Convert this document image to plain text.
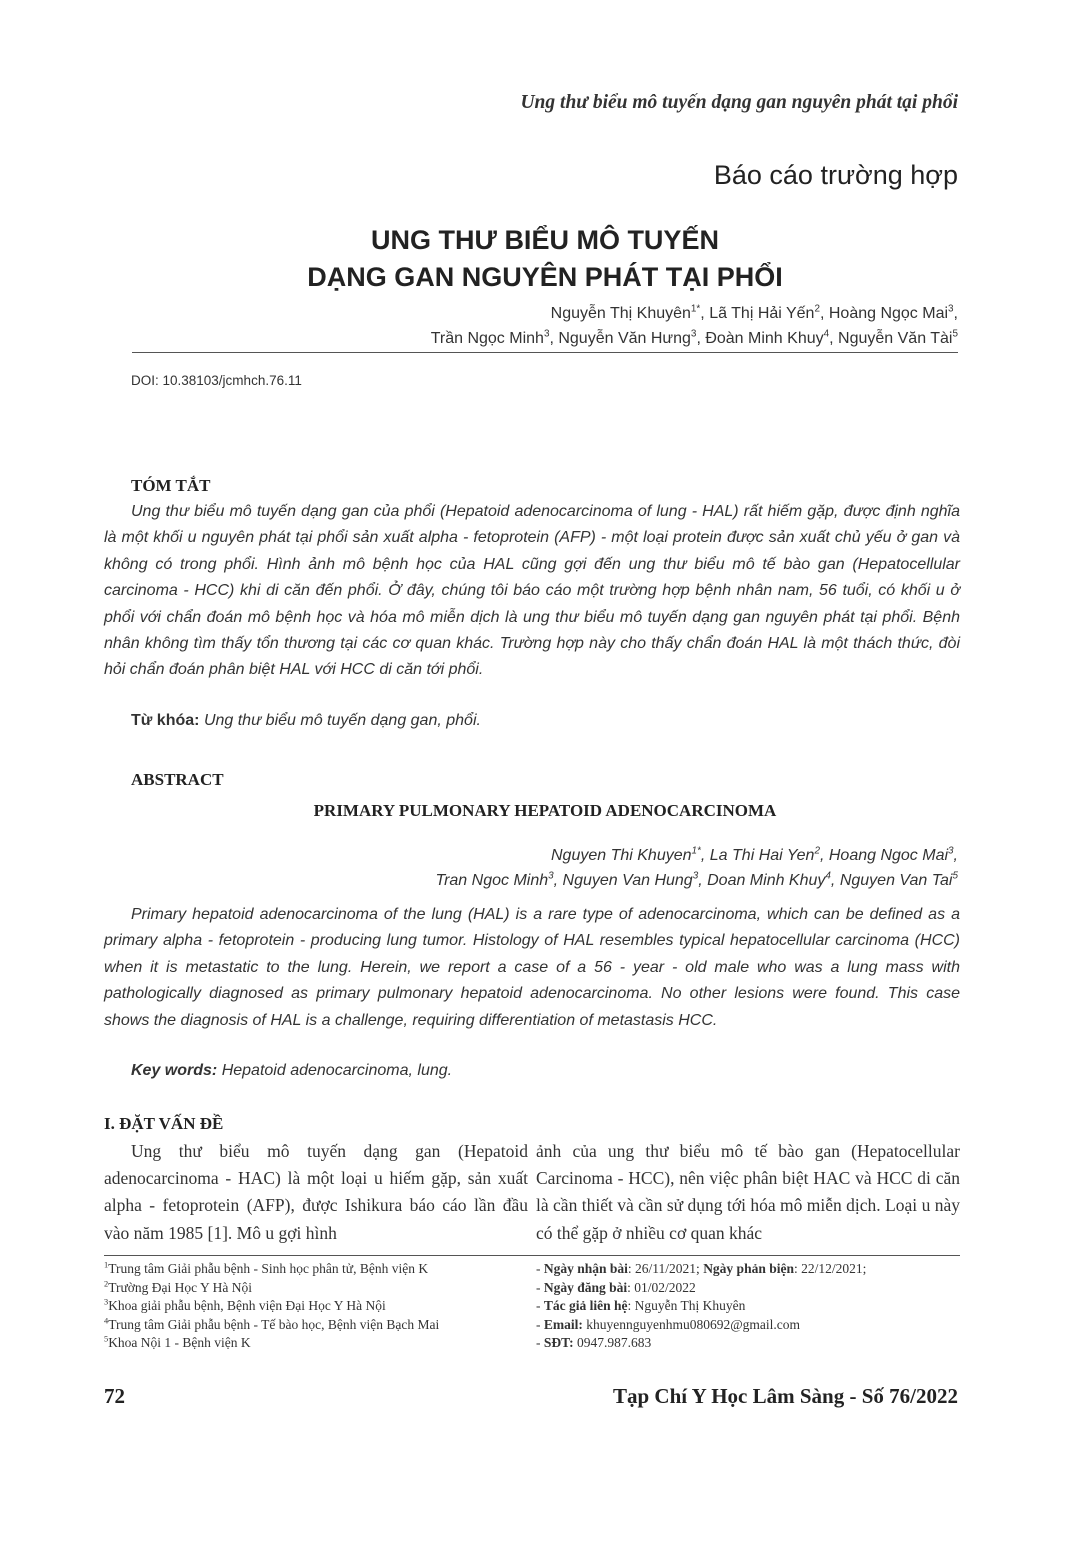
Ung thư biểu mô tuyến dạng gan nguyên phát tại phổi
Báo cáo trường hợp
UNG THƯ BIỂU MÔ TUYẾN
DẠNG GAN NGUYÊN PHÁT TẠI PHỔI
Nguyễn Thị Khuyên$^{1*}$, Lã Thị Hải Yến$^2$, Hoàng Ngọc Mai$^3$,
Trần Ngọc Minh$^3$, Nguyễn Văn Hưng$^3$, Đoàn Minh Khuy$^4$, Nguyễn Văn Tài$^5$
DOI: 10.38103/jcmhch.76.11
TÓM TẮT
Ung thư biểu mô tuyến dạng gan của phổi (Hepatoid adenocarcinoma of lung - HAL) rất hiếm gặp, được định nghĩa là một khối u nguyên phát tại phổi sản xuất alpha - fetoprotein (AFP) - một loại protein được sản xuất chủ yếu ở gan và không có trong phổi. Hình ảnh mô bệnh học của HAL cũng gợi đến ung thư biểu mô tế bào gan (Hepatocellular carcinoma - HCC) khi di căn đến phổi. Ở đây, chúng tôi báo cáo một trường hợp bệnh nhân nam, 56 tuổi, có khối u ở phổi với chẩn đoán mô bệnh học và hóa mô miễn dịch là ung thư biểu mô tuyến dạng gan nguyên phát tại phổi. Bệnh nhân không tìm thấy tổn thương tại các cơ quan khác. Trường hợp này cho thấy chẩn đoán HAL là một thách thức, đòi hỏi chẩn đoán phân biệt HAL với HCC di căn tới phổi.
Từ khóa: Ung thư biểu mô tuyến dạng gan, phổi.
ABSTRACT
PRIMARY PULMONARY HEPATOID ADENOCARCINOMA
Nguyen Thi Khuyen$^{1*}$, La Thi Hai Yen$^2$, Hoang Ngoc Mai$^3$,
Tran Ngoc Minh$^3$, Nguyen Van Hung$^3$, Doan Minh Khuy$^4$, Nguyen Van Tai$^5$
Primary hepatoid adenocarcinoma of the lung (HAL) is a rare type of adenocarcinoma, which can be defined as a primary alpha - fetoprotein - producing lung tumor. Histology of HAL resembles typical hepatocellular carcinoma (HCC) when it is metastatic to the lung. Herein, we report a case of a 56 - year - old male who was a lung mass with pathologically diagnosed as primary pulmonary hepatoid adenocarcinoma. No other lesions were found. This case shows the diagnosis of HAL is a challenge, requiring differentiation of metastasis HCC.
Key words: Hepatoid adenocarcinoma, lung.
I. ĐẶT VẤN ĐỀ
Ung thư biểu mô tuyến dạng gan (Hepatoid adenocarcinoma - HAC) là một loại u hiếm gặp, sản xuất alpha - fetoprotein (AFP), được Ishikura báo cáo lần đầu vào năm 1985 [1]. Mô u gợi hình
ảnh của ung thư biểu mô tế bào gan (Hepatocellular Carcinoma - HCC), nên việc phân biệt HAC và HCC di căn là cần thiết và cần sử dụng tới hóa mô miễn dịch. Loại u này có thể gặp ở nhiều cơ quan khác
$^1$Trung tâm Giải phẫu bệnh - Sinh học phân tử, Bệnh viện K
$^2$Trường Đại Học Y Hà Nội
$^3$Khoa giải phẫu bệnh, Bệnh viện Đại Học Y Hà Nội
$^4$Trung tâm Giải phẫu bệnh - Tế bào học, Bệnh viện Bạch Mai
$^5$Khoa Nội 1 - Bệnh viện K
- Ngày nhận bài: 26/11/2021; Ngày phản biện: 22/12/2021;
- Ngày đăng bài: 01/02/2022
- Tác giả liên hệ: Nguyễn Thị Khuyên
- Email: khuyennguyenhmu080692@gmail.com
- SĐT: 0947.987.683
72	Tạp Chí Y Học Lâm Sàng - Số 76/2022
